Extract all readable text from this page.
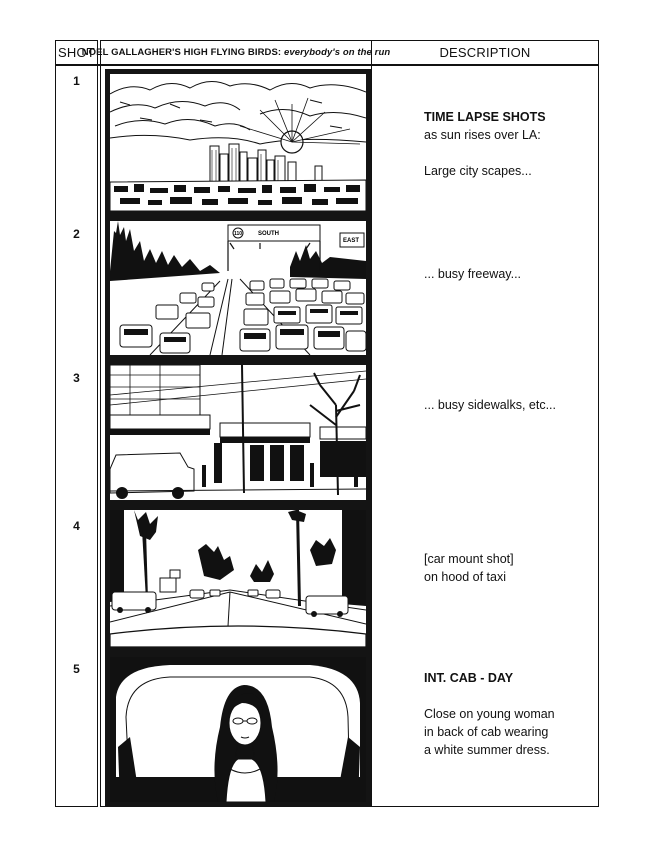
SHOT
NOEL GALLAGHER'S HIGH FLYING BIRDS:
everybody's on the run	DESCRIPTION
1
2
3
4
5
110	SOUTH
EAST
TIME LAPSE SHOTS
as sun rises over LA:
Large city scapes...
... busy freeway...
... busy sidewalks, etc...
[car mount shot]
on hood of taxi
INT. CAB - DAY
Close on young woman
in back of cab wearing
a white summer dress.
